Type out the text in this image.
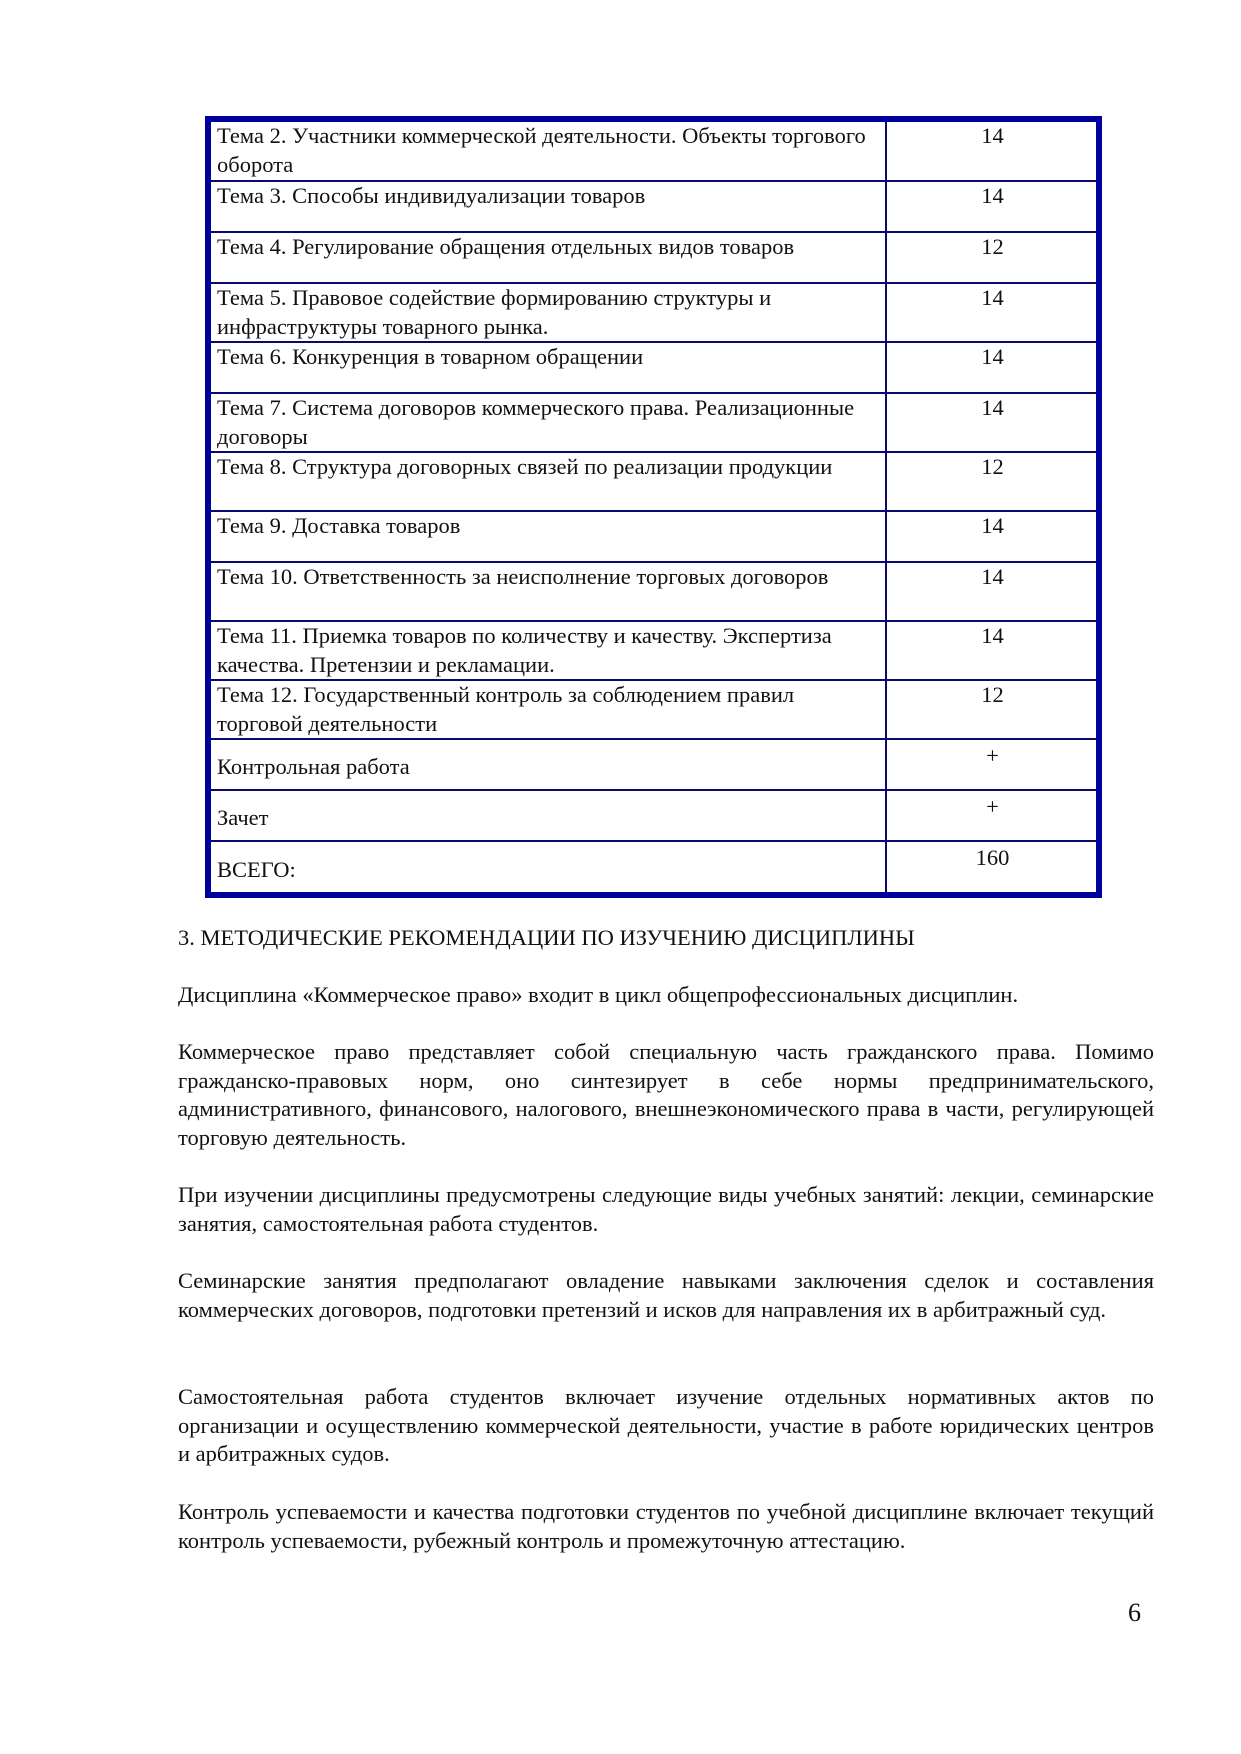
Тема 2. Участники коммерческой деятельности. Объекты торгового оборота	14
Тема 3. Способы индивидуализации товаров	14
Тема 4. Регулирование обращения отдельных видов товаров	12
Тема 5. Правовое содействие формированию структуры и инфраструктуры товарного рынка.	14
Тема 6. Конкуренция в товарном обращении	14
Тема 7. Система договоров коммерческого права. Реализационные договоры	14
Тема 8. Структура договорных связей по реализации продукции	12
Тема 9. Доставка товаров	14
Тема 10. Ответственность за неисполнение торговых договоров	14
Тема 11. Приемка товаров по количеству и качеству. Экспертиза качества. Претензии и рекламации.	14
Тема 12. Государственный контроль за соблюдением правил торговой деятельности	12
Контрольная работа	+
Зачет	+
ВСЕГО:	160
3. МЕТОДИЧЕСКИЕ РЕКОМЕНДАЦИИ ПО ИЗУЧЕНИЮ ДИСЦИПЛИНЫ
Дисциплина «Коммерческое право» входит в цикл общепрофессиональных дисциплин.
Коммерческое право представляет собой специальную часть гражданского права. Помимо гражданско-правовых норм, оно синтезирует в себе нормы предпринимательского, административного, финансового, налогового, внешнеэкономического права в части, регулирующей торговую деятельность.
При изучении дисциплины предусмотрены следующие виды учебных занятий: лекции, семинарские занятия, самостоятельная работа студентов.
Семинарские занятия предполагают овладение навыками заключения сделок и составления коммерческих договоров, подготовки претензий и исков для направления их в арбитражный суд.
Самостоятельная работа студентов включает изучение отдельных нормативных актов по организации и осуществлению коммерческой деятельности, участие в работе юридических центров и арбитражных судов.
Контроль успеваемости и качества подготовки студентов по учебной дисциплине включает текущий контроль успеваемости, рубежный контроль и промежуточную аттестацию.
6
